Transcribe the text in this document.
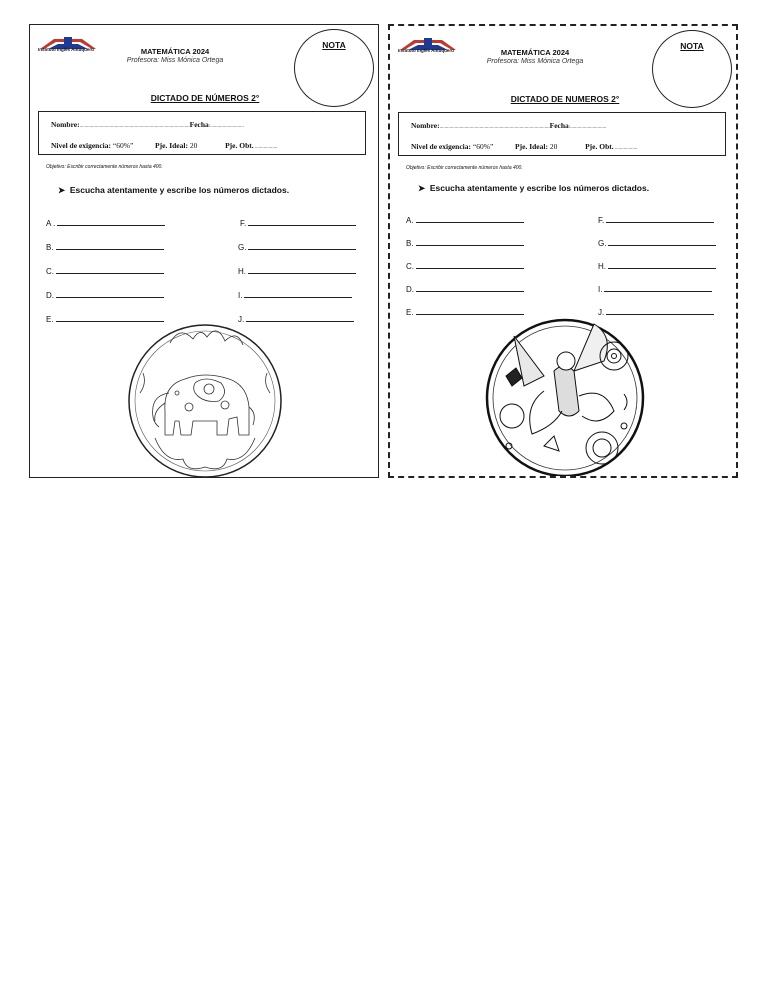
Instituto Inglés Antuqueru	MATEMÁTICA 2024
Profesora: Miss Mónica Ortega
NOTA
DICTADO DE NÚMEROS 2°
Nombre:........................................................................................Fecha:...........................
Nivel de exigencia: “60%”	Pje. Ideal: 20	Pje. Obt. ..................
Objetivo: Escribir correctamente números hasta 400.
➤  Escucha atentamente y escribe los números dictados.
A .
B.
C.
D.
E.
F.
G.
H.
I.
J.
Instituto Inglés Antuqueru	MATEMÁTICA 2024
Profesora: Miss Mónica Ortega
NOTA
DICTADO DE NUMEROS 2°
Nombre:........................................................................................Fecha:.............................
Nivel de exigencia: “60%”	Pje. Ideal: 20	Pje. Obt. ..................
Objetivo: Escribir correctamente números hasta 400.
➤  Escucha atentamente y escribe los números dictados.
A.
B.
C.
D.
E.
F.
G.
H.
I.
J.
